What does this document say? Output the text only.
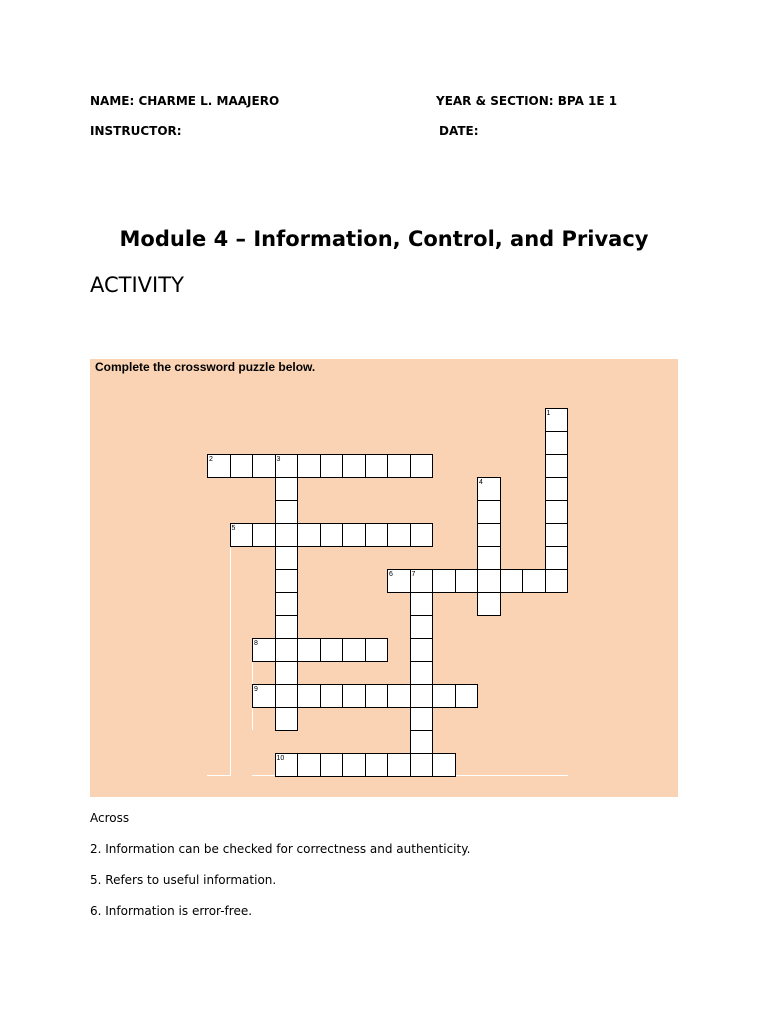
NAME: CHARME L. MAAJERO	YEAR & SECTION: BPA 1E 1
INSTRUCTOR:	DATE:
Module 4 – Information, Control, and Privacy
ACTIVITY
Complete the crossword puzzle below.
1
2	3
4
5
6	7
8
9
10
Across
2. Information can be checked for correctness and authenticity.
5. Refers to useful information.
6. Information is error-free.
